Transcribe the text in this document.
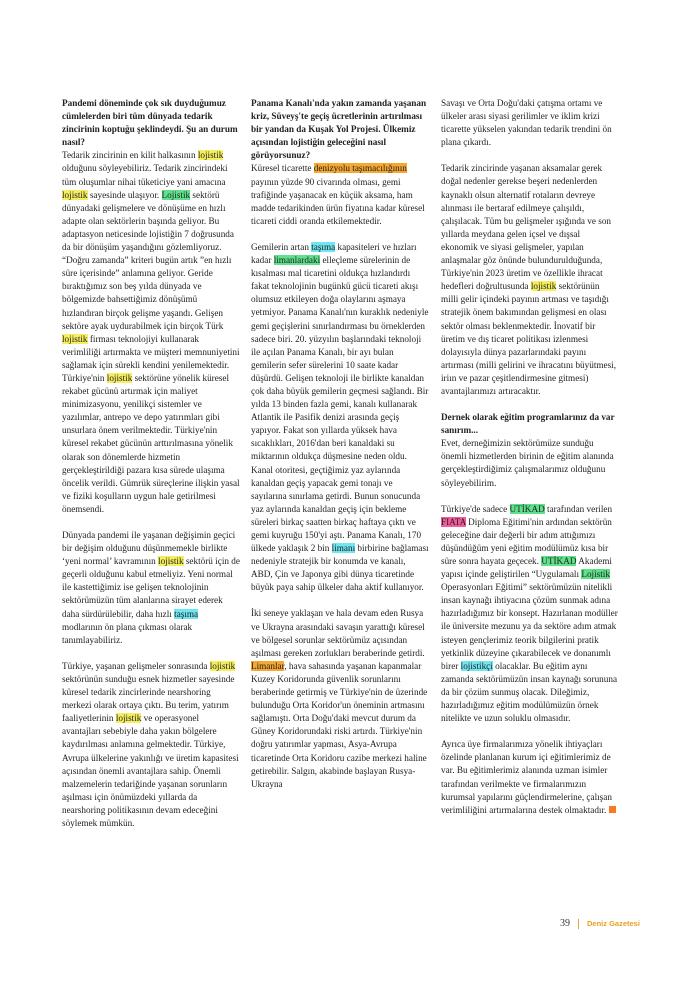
Pandemi döneminde çok sık duyduğumuz cümlelerden biri tüm dünyada tedarik zincirinin koptuğu şeklindeydi. Şu an durum nasıl?

Tedarik zincirinin en kilit halkasının lojistik olduğunu söyleyebiliriz. Tedarik zincirindeki tüm oluşumlar nihai tüketiciye yani amacına lojistik sayesinde ulaşıyor. Lojistik sektörü dünyadaki gelişmelere ve dönüşüme en hızlı adapte olan sektörlerin başında geliyor. Bu adaptasyon neticesinde lojistiğin 7 doğrusunda da bir dönüşüm yaşandığını gözlemliyoruz. “Doğru zamanda” kriteri bugün artık ”en hızlı süre içerisinde” anlamına geliyor. Geride bıraktığımız son beş yılda dünyada ve bölgemizde bahsettiğimiz dönüşümü hızlandıran birçok gelişme yaşandı. Gelişen sektöre ayak uydurabilmek için birçok Türk lojistik firması teknolojiyi kullanarak verimliliği artırmakta ve müşteri memnuniyetini sağlamak için sürekli kendini yenilemektedir. Türkiye'nin lojistik sektörüne yönelik küresel rekabet gücünü artırmak için maliyet minimizasyonu, yenilikçi sistemler ve yazılımlar, antrepo ve depo yatırımları gibi unsurlara önem verilmektedir. Türkiye'nin küresel rekabet gücünün arttırılmasına yönelik olarak son dönemlerde hizmetin gerçekleştirildiği pazara kısa sürede ulaşıma öncelik verildi. Gümrük süreçlerine ilişkin yasal ve fiziki koşulların uygun hale getirilmesi önemsendi.

Dünyada pandemi ile yaşanan değişimin geçici bir değişim olduğunu düşünmemekle birlikte ‘yeni normal’ kavramının lojistik sektörü için de geçerli olduğunu kabul etmeliyiz. Yeni normal ile kastettiğimiz ise gelişen teknolojinin sektörümüzün tüm alanlarına sirayet ederek daha sürdürülebilir, daha hızlı taşıma modlarının ön plana çıkması olarak tanımlayabiliriz.

Türkiye, yaşanan gelişmeler sonrasında lojistik sektörünün sunduğu esnek hizmetler sayesinde küresel tedarik zincirlerinde nearshoring merkezi olarak ortaya çıktı. Bu terim, yatırım faaliyetlerinin lojistik ve operasyonel avantajları sebebiyle daha yakın bölgelere kaydırılması anlamına gelmektedir. Türkiye, Avrupa ülkelerine yakınlığı ve üretim kapasitesi açısından önemli avantajlara sahip. Önemli malzemelerin tedariğinde yaşanan sorunların aşılması için önümüzdeki yıllarda da nearshoring politikasının devam edeceğini söylemek mümkün.

Panama Kanalı'nda yakın zamanda yaşanan kriz, Süveyş'te geçiş ücretlerinin artırılması bir yandan da Kuşak Yol Projesi. Ülkemiz açısından lojistiğin geleceğini nasıl görüyorsunuz?

Küresel ticarette denizyolu taşımacılığının payının yüzde 90 civarında olması, gemi trafiğinde yaşanacak en küçük aksama, ham madde tedarikinden ürün fiyatına kadar küresel ticareti ciddi oranda etkilemektedir.

Gemilerin artan taşıma kapasiteleri ve hızları kadar limanlardaki elleçleme sürelerinin de kısalması mal ticaretini oldukça hızlandırdı fakat teknolojinin bugünkü gücü ticareti akışı olumsuz etkileyen doğa olaylarını aşmaya yetmiyor. Panama Kanalı'nın kuraklık nedeniyle gemi geçişlerini sınırlandırması bu örneklerden sadece biri. 20. yüzyılın başlarındaki teknoloji ile açılan Panama Kanalı, bir ayı bulan gemilerin sefer sürelerini 10 saate kadar düşürdü. Gelişen teknoloji ile birlikte kanaldan çok daha büyük gemilerin geçmesi sağlandı. Bir yılda 13 binden fazla gemi, kanalı kullanarak Atlantik ile Pasifik denizi arasında geçiş yapıyor. Fakat son yıllarda yüksek hava sıcaklıkları, 2016'dan beri kanaldaki su miktarının oldukça düşmesine neden oldu. Kanal otoritesi, geçtiğimiz yaz aylarında kanaldan geçiş yapacak gemi tonajı ve sayılarına sınırlama getirdi. Bunun sonucunda yaz aylarında kanaldan geçiş için bekleme süreleri birkaç saatten birkaç haftaya çıktı ve gemi kuyruğu 150'yi aştı. Panama Kanalı, 170 ülkede yaklaşık 2 bin limanı birbirine bağlaması nedeniyle stratejik bir konumda ve kanalı, ABD, Çin ve Japonya gibi dünya ticaretinde büyük paya sahip ülkeler daha aktif kullanıyor.

İki seneye yaklaşan ve hala devam eden Rusya ve Ukrayna arasındaki savaşın yarattığı küresel ve bölgesel sorunlar sektörümüz açısından aşılması gereken zorlukları beraberinde getirdi. Limanlar, hava sahasında yaşanan kapanmalar Kuzey Koridorunda güvenlik sorunlarını beraberinde getirmiş ve Türkiye'nin de üzerinde bulunduğu Orta Koridor'un öneminin artmasını sağlamıştı. Orta Doğu'daki mevcut durum da Güney Koridorundaki riski artırdı. Türkiye'nin doğru yatırımlar yapması, Asya-Avrupa ticaretinde Orta Koridoru cazibe merkezi haline getirebilir. Salgın, akabinde başlayan Rusya-Ukrayna

Savaşı ve Orta Doğu'daki çatışma ortamı ve ülkeler arası siyasi gerilimler ve iklim krizi ticarette yükselen yakından tedarik trendini ön plana çıkardı.

Tedarik zincirinde yaşanan aksamalar gerek doğal nedenler gerekse beşeri nedenlerden kaynaklı olsun alternatif rotaların devreye alınması ile bertaraf edilmeye çalışıldı, çalışılacak. Tüm bu gelişmeler ışığında ve son yıllarda meydana gelen içsel ve dışsal ekonomik ve siyasi gelişmeler, yapılan anlaşmalar göz önünde bulundurulduğunda, Türkiye'nin 2023 üretim ve özellikle ihracat hedefleri doğrultusunda lojistik sektörünün milli gelir içindeki payının artması ve taşıdığı stratejik önem bakımından gelişmesi en olası sektör olması beklenmektedir. İnovatif bir üretim ve dış ticaret politikası izlenmesi dolayısıyla dünya pazarlarındaki payını artırması (milli gelirini ve ihracatını büyütmesi, iriın ve pazar çeşitlendirmesine gitmesi) avantajlarımızı artıracaktır.

Dernek olarak eğitim programlarınız da var sanırım...

Evet, derneğimizin sektörümüze sunduğu önemli hizmetlerden birinin de eğitim alanında gerçekleştirdiğimiz çalışmalarımız olduğunu söyleyebilirim.

Türkiye'de sadece UTİKAD tarafından verilen FIATA Diploma Eğitimi'nin ardından sektörün geleceğine dair değerli bir adım attığımızı düşündüğüm yeni eğitim modülümüz kısa bir süre sonra hayata geçecek. UTİKAD Akademi yapısı içinde geliştirilen “Uygulamalı Lojistik Operasyonları Eğitimi” sektörümüzün nitelikli insan kaynağı ihtiyacına çözüm sunmak adına hazırladığımız bir konsept. Hazırlanan modüller ile üniversite mezunu ya da sektöre adım atmak isteyen gençlerimiz teorik bilgilerini pratik yetkinlik düzeyine çıkarabilecek ve donanımlı birer lojistikçi olacaklar. Bu eğitim aynı zamanda sektörümüzün insan kaynağı sorununa da bir çözüm sunmuş olacak. Dileğimiz, hazırladığımız eğitim modülümüzün örnek nitelikte ve uzun soluklu olmasıdır.

Ayrıca üye firmalarımıza yönelik ihtiyaçları özelinde planlanan kurum içi eğitimlerimiz de var. Bu eğitimlerimiz alanında uzman isimler tarafından verilmekte ve firmalarımızın kurumsal yapılarını güçlendirmelerine, çalışan verimliliğini artırmalarına destek olmaktadır.

39 Deniz Gazetesi
